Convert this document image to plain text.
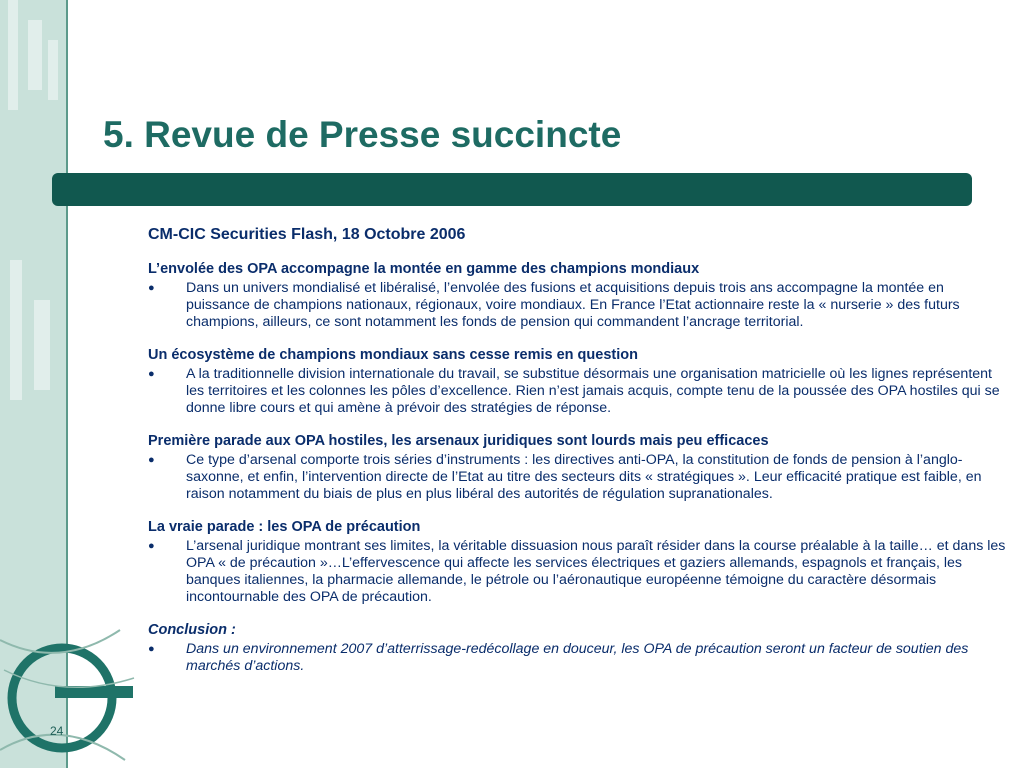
24
5. Revue de Presse succincte

CM-CIC Securities Flash, 18 Octobre 2006

L’envolée des OPA accompagne la montée en gamme des champions mondiaux

● Dans un univers mondialisé et libéralisé, l’envolée des fusions et acquisitions depuis trois ans accompagne la montée en puissance de champions nationaux, régionaux, voire mondiaux. En France l’Etat actionnaire reste la « nurserie » des futurs champions, ailleurs, ce sont notamment les fonds de pension qui commandent l’ancrage territorial.

Un écosystème de champions mondiaux sans cesse remis en question

● A la traditionnelle division internationale du travail, se substitue désormais une organisation matricielle où les lignes représentent les territoires et les colonnes les pôles d’excellence. Rien n’est jamais acquis, compte tenu de la poussée des OPA hostiles qui se donne libre cours et qui amène à prévoir des stratégies de réponse.

Première parade aux OPA hostiles, les arsenaux juridiques sont lourds mais peu efficaces

● Ce type d’arsenal comporte trois séries d’instruments : les directives anti-OPA, la constitution de fonds de pension à l’anglo-saxonne, et enfin, l’intervention directe de l’Etat au titre des secteurs dits « stratégiques ». Leur efficacité pratique est faible, en raison notamment du biais de plus en plus libéral des autorités de régulation supranationales.

La vraie parade : les OPA de précaution

● L’arsenal juridique montrant ses limites, la véritable dissuasion nous paraît résider dans la course préalable à la taille… et dans les OPA « de précaution »…L’effervescence qui affecte les services électriques et gaziers allemands, espagnols et français, les banques italiennes, la pharmacie allemande, le pétrole ou l’aéronautique européenne témoigne du caractère désormais incontournable des OPA de précaution.

Conclusion :

● Dans un environnement 2007 d’atterrissage-redécollage en douceur, les OPA de précaution seront un facteur de soutien des marchés d’actions.
